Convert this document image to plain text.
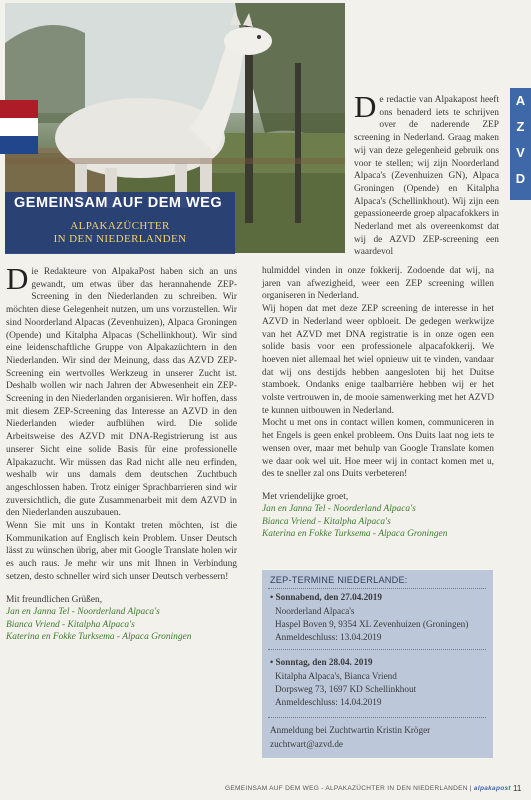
GEMEINSAM AUF DEM WEG
ALPAKAZÜCHTER
IN DEN NIEDERLANDEN
A
Z
V
D
De redactie van Alpakapost heeft ons benaderd iets te schrijven over de naderende ZEP screening in Nederland. Graag maken wij van deze gelegenheid gebruik ons voor te stellen; wij zijn Noorderland Alpaca's (Zevenhuizen GN), Alpaca Groningen (Opende) en Kitalpha Alpaca's (Schellinkhout). Wij zijn een gepassioneerde groep alpacafokkers in Nederland met als overeenkomst dat wij de AZVD ZEP-screening een waardevol

Die Redakteure von AlpakaPost haben sich an uns gewandt, um etwas über das herannahende ZEP-Screening in den Niederlanden zu schreiben. Wir möchten diese Gelegenheit nutzen, um uns vorzustellen. Wir sind Noorderland Alpacas (Zevenhuizen), Alpaca Groningen (Opende) und Kitalpha Alpacas (Schellinkhout). Wir sind eine leidenschaftliche Gruppe von Alpakazüchtern in den Niederlanden. Wir sind der Meinung, dass das AZVD ZEP-Screening ein wertvolles Werkzeug in unserer Zucht ist. Deshalb wollen wir nach Jahren der Abwesenheit ein ZEP-Screening in den Niederlanden organisieren. Wir hoffen, dass mit diesem ZEP-Screening das Interesse an AZVD in den Niederlanden wieder aufblühen wird. Die solide Arbeitsweise des AZVD mit DNA-Registrierung ist aus unserer Sicht eine solide Basis für eine professionelle Alpakazucht. Wir müssen das Rad nicht alle neu erfinden, weshalb wir uns damals dem deutschen Zuchtbuch angeschlossen haben. Trotz einiger Sprachbarrieren sind wir zuversichtlich, die gute Zusammenarbeit mit dem AZVD in den Niederlanden auszubauen.

Wenn Sie mit uns in Kontakt treten möchten, ist die Kommunikation auf Englisch kein Problem. Unser Deutsch lässt zu wünschen übrig, aber mit Google Translate holen wir es auch raus. Je mehr wir uns mit Ihnen in Verbindung setzen, desto schneller wird sich unser Deutsch verbessern!

Mit freundlichen Grüßen,
Jan en Janna Tel - Noorderland Alpaca's
Bianca Vriend - Kitalpha Alpaca's
Katerina en Fokke Turksema - Alpaca Groningen

hulmiddel vinden in onze fokkerij. Zodoende dat wij, na jaren van afwezigheid, weer een ZEP screening willen organiseren in Nederland.

Wij hopen dat met deze ZEP screening de interesse in het AZVD in Nederland weer opbloeit. De gedegen werkwijze van het AZVD met DNA registratie is in onze ogen een solide basis voor een professionele alpacafokkerij. We hoeven niet allemaal het wiel opnieuw uit te vinden, vandaar dat wij ons destijds hebben aangesloten bij het Duitse stamboek. Ondanks enige taalbarrière hebben wij er het volste vertrouwen in, de mooie samenwerking met het AZVD te kunnen uitbouwen in Nederland.

Mocht u met ons in contact willen komen, communiceren in het Engels is geen enkel probleem. Ons Duits laat nog iets te wensen over, maar met behulp van Google Translate komen we daar ook wel uit. Hoe meer wij in contact komen met u, des te sneller zal ons Duits verbeteren!

Met vriendelijke groet,
Jan en Janna Tel - Noorderland Alpaca's
Bianca Vriend - Kitalpha Alpaca's
Katerina en Fokke Turksema - Alpaca Groningen
ZEP-TERMINE NIEDERLANDE:
• Sonnabend, den 27.04.2019
Noorderland Alpaca's
Haspel Boven 9, 9354 XL Zevenhuizen (Groningen)
Anmeldeschluss: 13.04.2019
• Sonntag, den 28.04. 2019
Kitalpha Alpaca's, Bianca Vriend
Dorpsweg 73, 1697 KD Schellinkhout
Anmeldeschluss: 14.04.2019
Anmeldung bei Zuchtwartin Kristin Kröger
zuchtwart@azvd.de
GEMEINSAM AUF DEM WEG - ALPAKAZÜCHTER IN DEN NIEDERLANDEN | alpakapost 11
